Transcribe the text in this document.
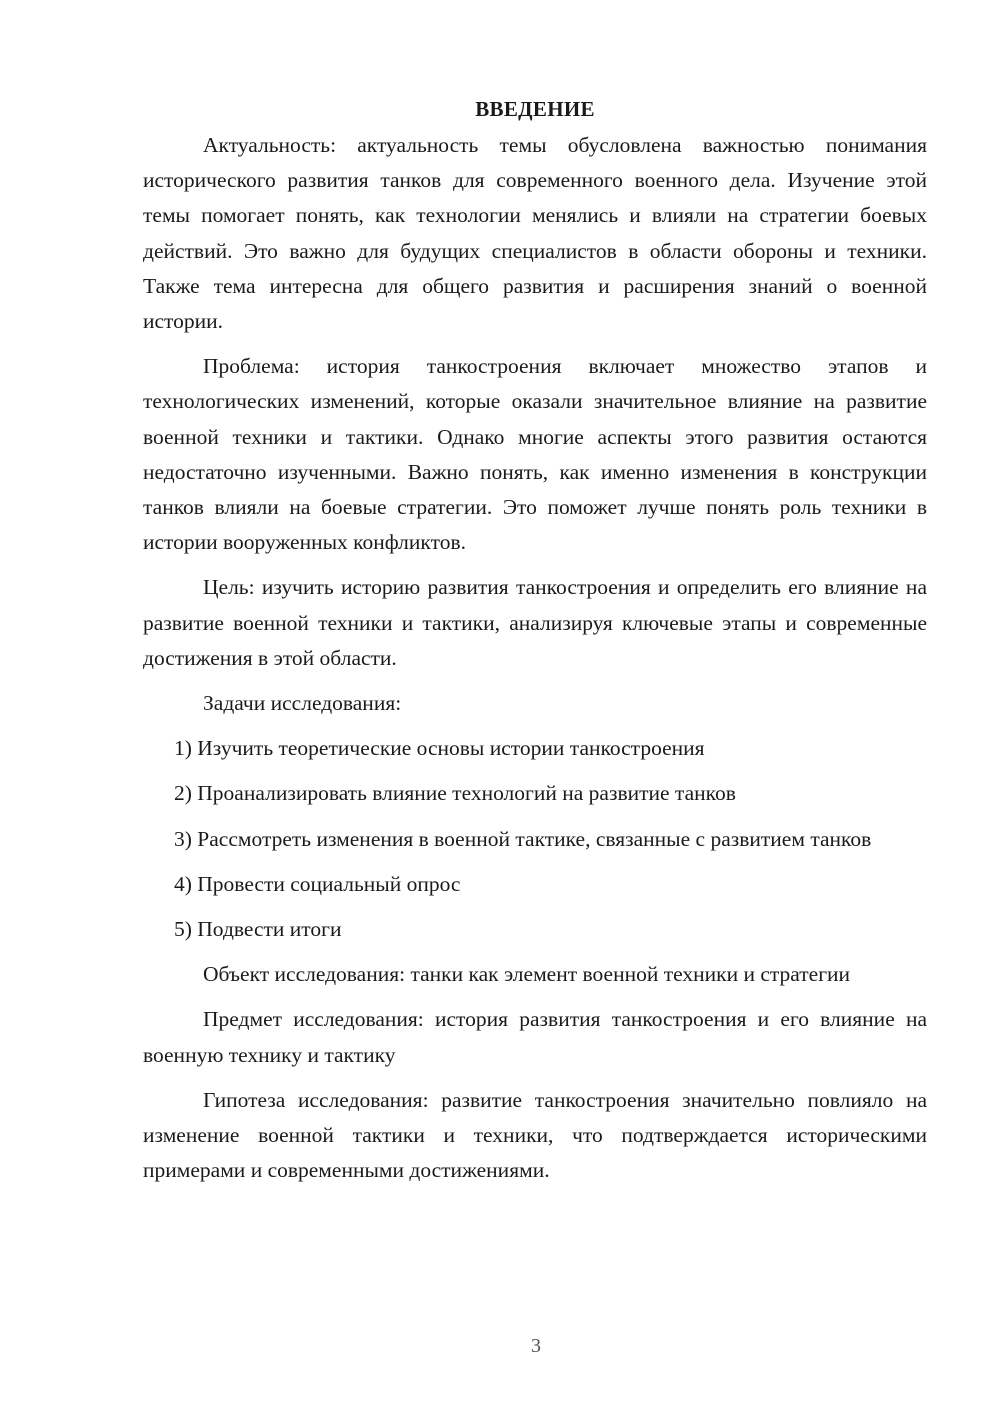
ВВЕДЕНИЕ

Актуальность: актуальность темы обусловлена важностью понимания исторического развития танков для современного военного дела. Изучение этой темы помогает понять, как технологии менялись и влияли на стратегии боевых действий. Это важно для будущих специалистов в области обороны и техники. Также тема интересна для общего развития и расширения знаний о военной истории.

Проблема: история танкостроения включает множество этапов и технологических изменений, которые оказали значительное влияние на развитие военной техники и тактики. Однако многие аспекты этого развития остаются недостаточно изученными. Важно понять, как именно изменения в конструкции танков влияли на боевые стратегии. Это поможет лучше понять роль техники в истории вооруженных конфликтов.

Цель: изучить историю развития танкостроения и определить его влияние на развитие военной техники и тактики, анализируя ключевые этапы и современные достижения в этой области.

Задачи исследования:

1) Изучить теоретические основы истории танкостроения

2) Проанализировать влияние технологий на развитие танков

3) Рассмотреть изменения в военной тактике, связанные с развитием танков

4) Провести социальный опрос

5) Подвести итоги

Объект исследования: танки как элемент военной техники и стратегии

Предмет исследования: история развития танкостроения и его влияние на военную технику и тактику

Гипотеза исследования: развитие танкостроения значительно повлияло на изменение военной тактики и техники, что подтверждается историческими примерами и современными достижениями.

3
